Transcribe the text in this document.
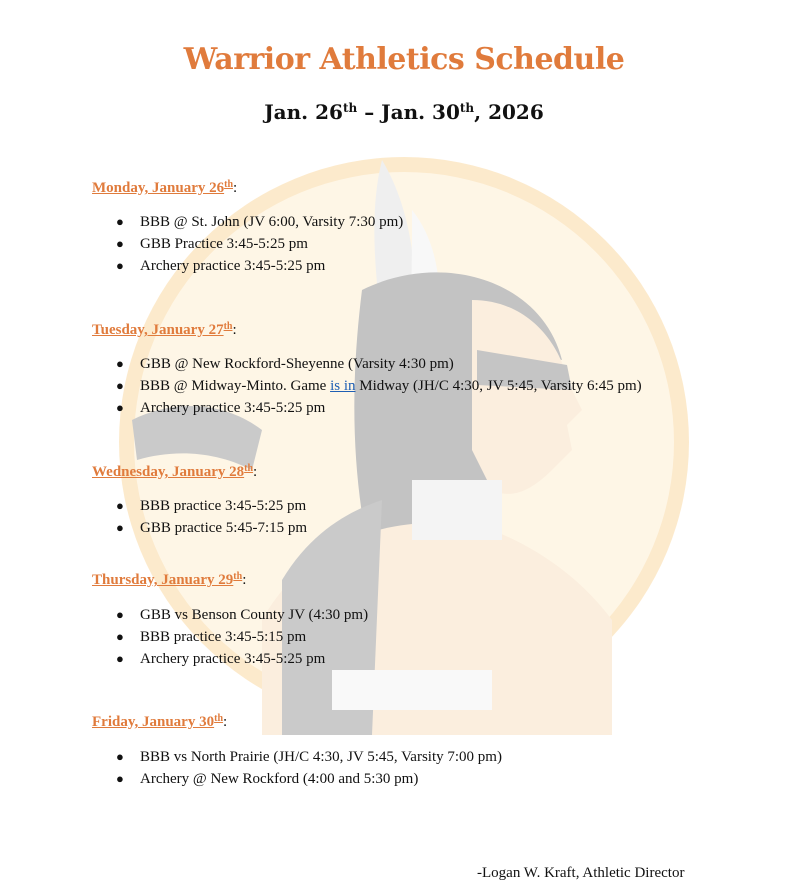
Warrior Athletics Schedule
Jan. 26th – Jan. 30th, 2026
Monday, January 26th:
● BBB @ St. John (JV 6:00, Varsity 7:30 pm)
● GBB Practice 3:45-5:25 pm
● Archery practice 3:45-5:25 pm
Tuesday, January 27th:
● GBB @ New Rockford-Sheyenne (Varsity 4:30 pm)
● BBB @ Midway-Minto. Game is in Midway (JH/C 4:30, JV 5:45, Varsity 6:45 pm)
● Archery practice 3:45-5:25 pm
Wednesday, January 28th:
● BBB practice 3:45-5:25 pm
● GBB practice 5:45-7:15 pm
Thursday, January 29th:
● GBB vs Benson County JV (4:30 pm)
● BBB practice 3:45-5:15 pm
● Archery practice 3:45-5:25 pm
Friday, January 30th:
● BBB vs North Prairie (JH/C 4:30, JV 5:45, Varsity 7:00 pm)
● Archery @ New Rockford (4:00 and 5:30 pm)
-Logan W. Kraft, Athletic Director
